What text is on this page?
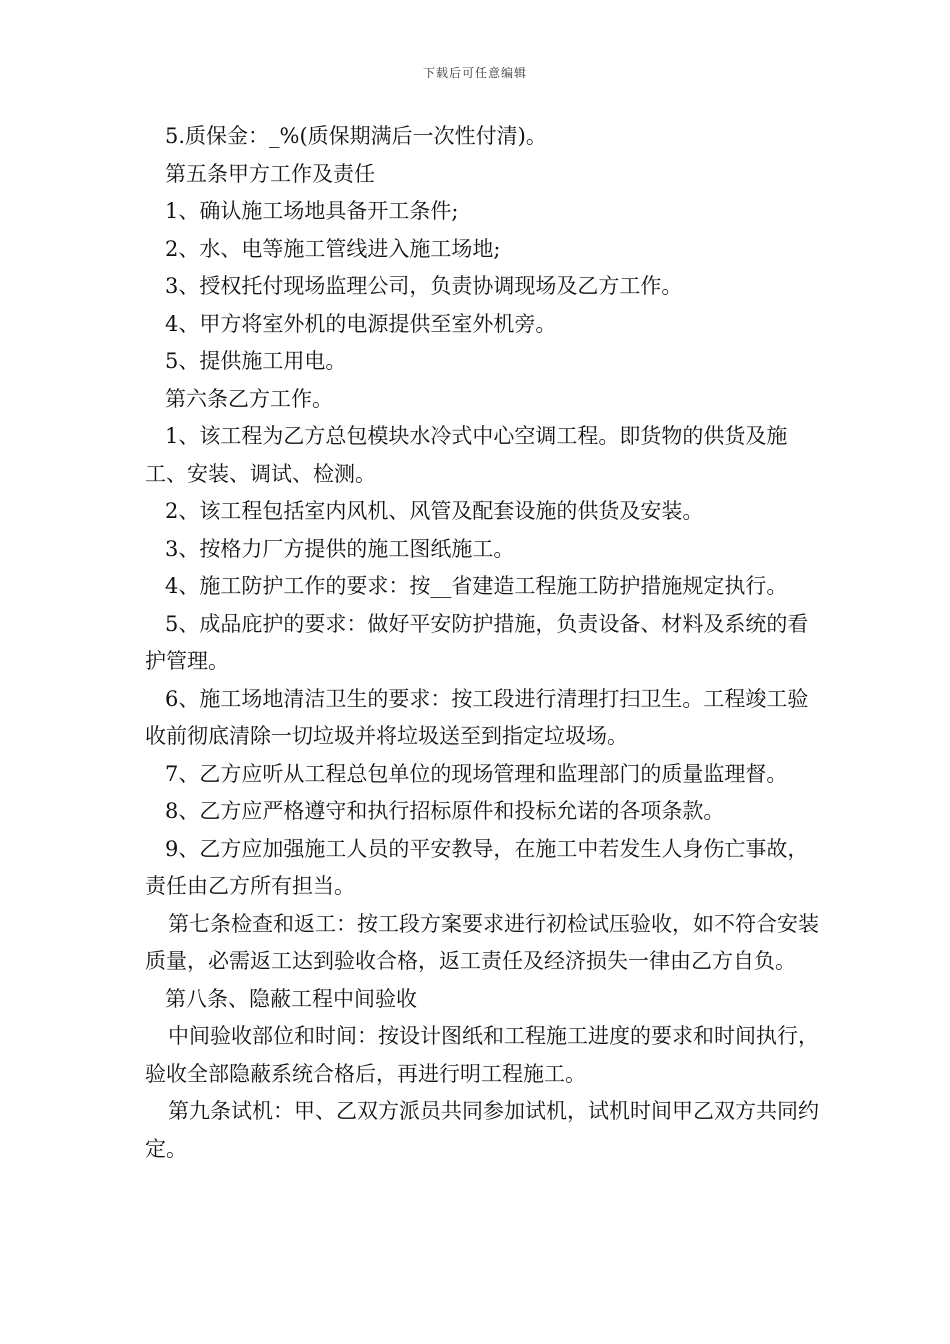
下载后可任意编辑

5.质保金：_%(质保期满后一次性付清)。

第五条甲方工作及责任

1、确认施工场地具备开工条件;

2、水、电等施工管线进入施工场地;

3、授权托付现场监理公司，负责协调现场及乙方工作。

4、甲方将室外机的电源提供至室外机旁。

5、提供施工用电。

第六条乙方工作。

1、该工程为乙方总包模块水冷式中心空调工程。即货物的供货及施工、安装、调试、检测。

2、该工程包括室内风机、风管及配套设施的供货及安装。

3、按格力厂方提供的施工图纸施工。

4、施工防护工作的要求：按__省建造工程施工防护措施规定执行。

5、成品庇护的要求：做好平安防护措施，负责设备、材料及系统的看护管理。

6、施工场地清洁卫生的要求：按工段进行清理打扫卫生。工程竣工验收前彻底清除一切垃圾并将垃圾送至到指定垃圾场。

7、乙方应听从工程总包单位的现场管理和监理部门的质量监理督。

8、乙方应严格遵守和执行招标原件和投标允诺的各项条款。

9、乙方应加强施工人员的平安教导，在施工中若发生人身伤亡事故，责任由乙方所有担当。

第七条检查和返工：按工段方案要求进行初检试压验收，如不符合安装质量，必需返工达到验收合格，返工责任及经济损失一律由乙方自负。

第八条、隐蔽工程中间验收

中间验收部位和时间：按设计图纸和工程施工进度的要求和时间执行，验收全部隐蔽系统合格后，再进行明工程施工。

第九条试机：甲、乙双方派员共同参加试机，试机时间甲乙双方共同约定。
